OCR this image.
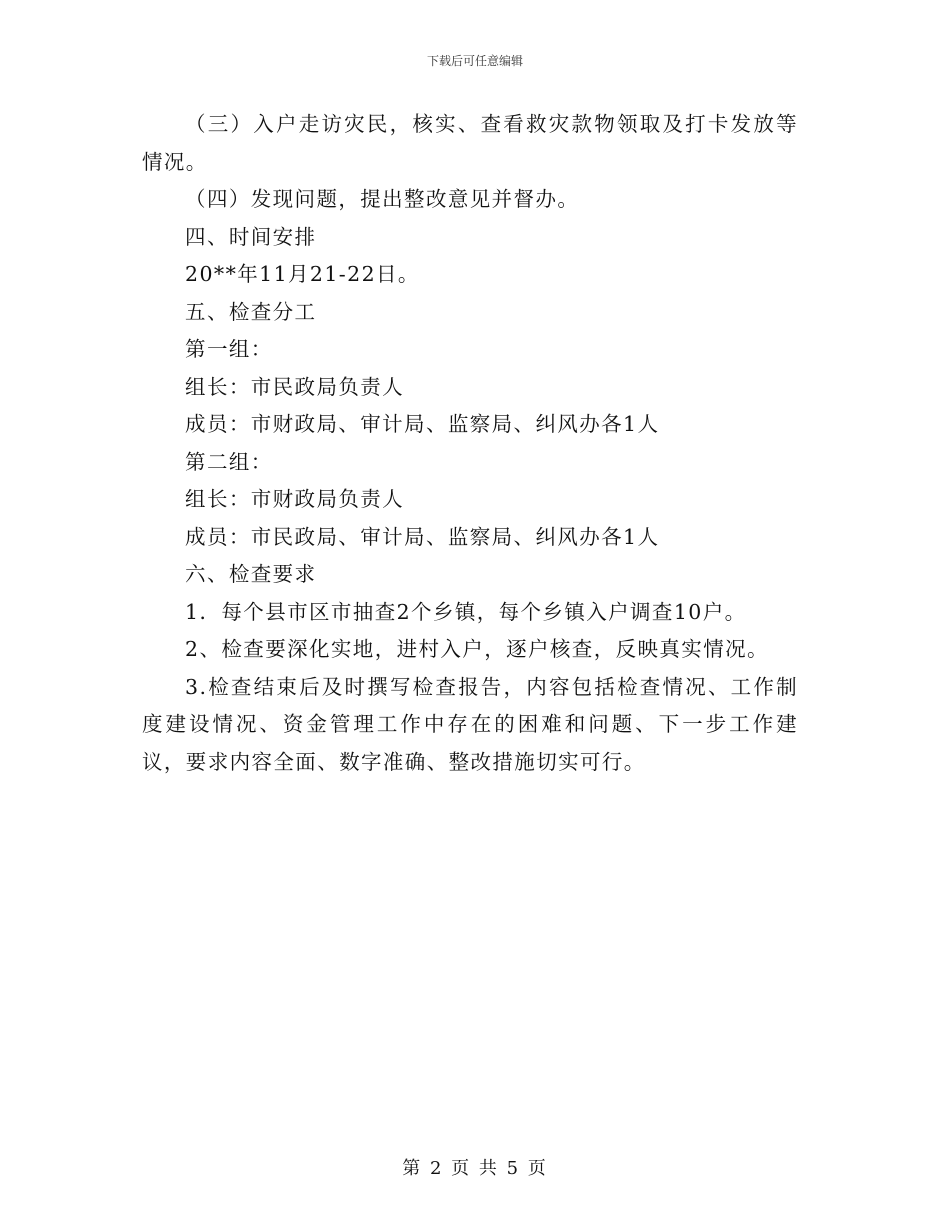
下载后可任意编辑

（三）入户走访灾民，核实、查看救灾款物领取及打卡发放等情况。

（四）发现问题，提出整改意见并督办。

四、时间安排

20**年11月21-22日。

五、检查分工

第一组：

组长：市民政局负责人

成员：市财政局、审计局、监察局、纠风办各1人

第二组：

组长：市财政局负责人

成员：市民政局、审计局、监察局、纠风办各1人

六、检查要求

1．每个县市区市抽查2个乡镇，每个乡镇入户调查10户。

2、检查要深化实地，进村入户，逐户核查，反映真实情况。

3.检查结束后及时撰写检查报告，内容包括检查情况、工作制度建设情况、资金管理工作中存在的困难和问题、下一步工作建议，要求内容全面、数字准确、整改措施切实可行。

第 2 页 共 5 页
